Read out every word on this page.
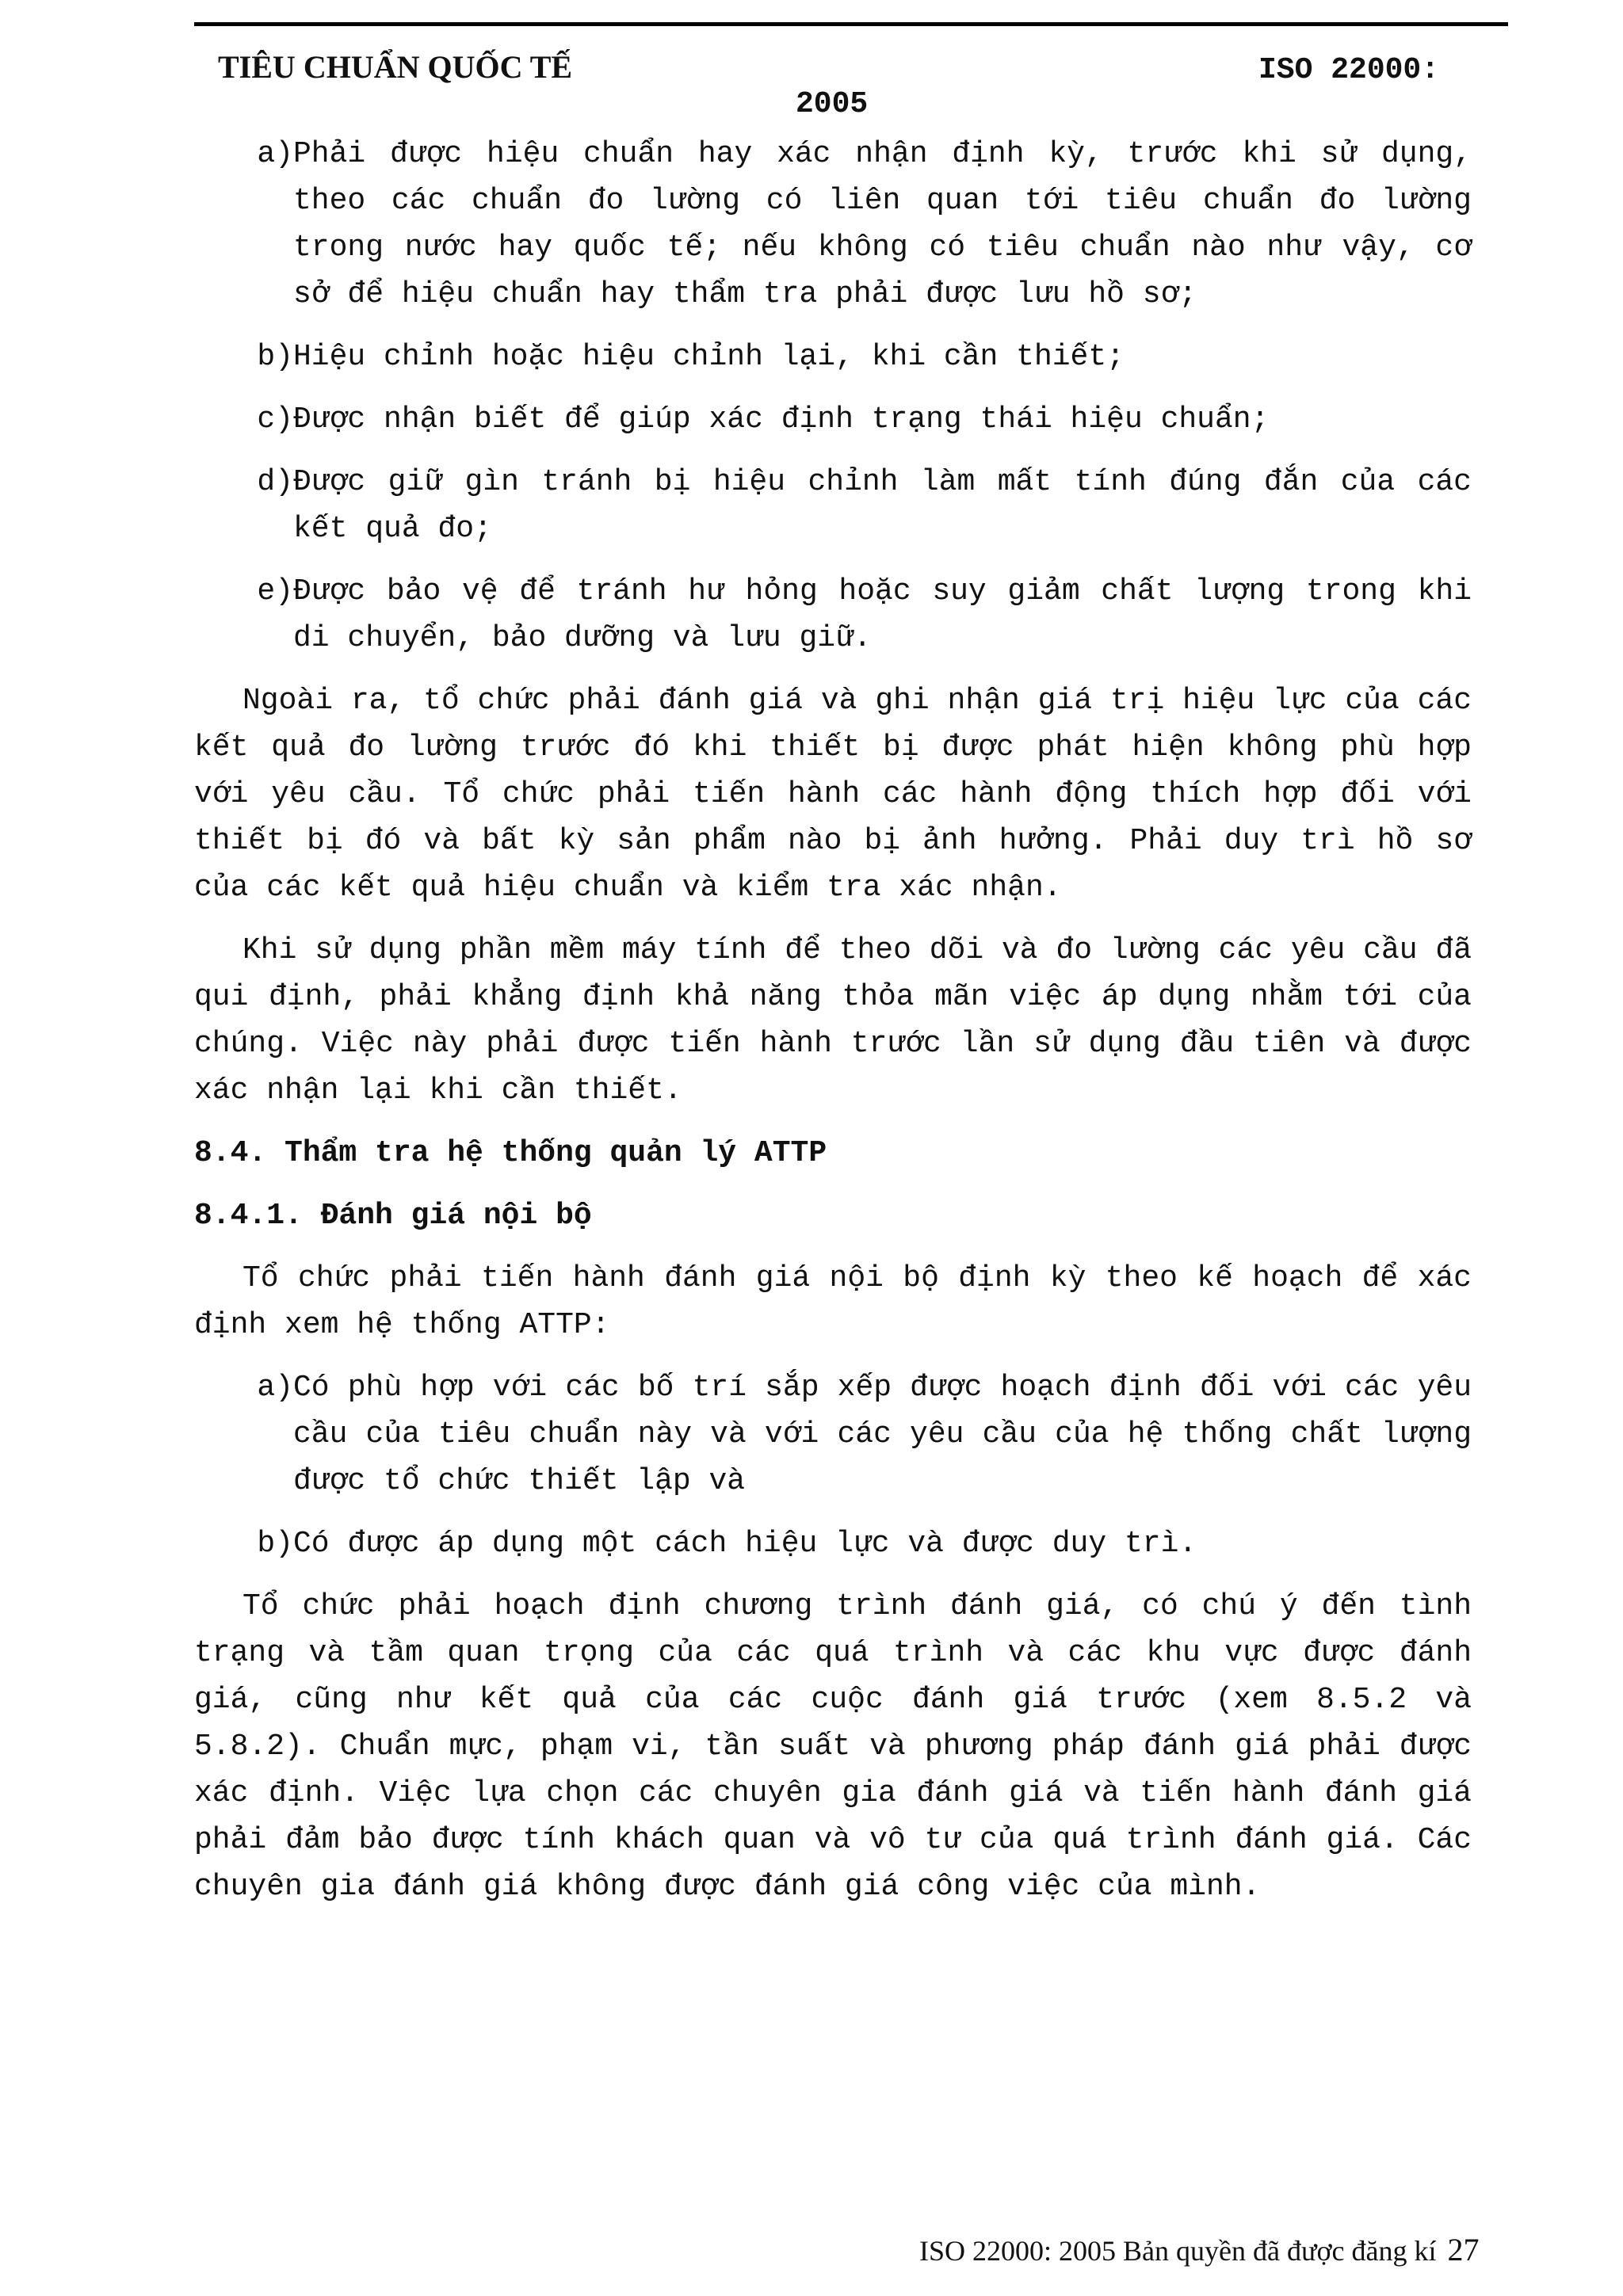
TIÊU CHUẨN QUỐC TẾ	ISO 22000:
2005
a) Phải được hiệu chuẩn hay xác nhận định kỳ, trước khi sử dụng, theo các chuẩn đo lường có liên quan tới tiêu chuẩn đo lường trong nước hay quốc tế; nếu không có tiêu chuẩn nào như vậy, cơ sở để hiệu chuẩn hay thẩm tra phải được lưu hồ sơ;
b) Hiệu chỉnh hoặc hiệu chỉnh lại, khi cần thiết;
c) Được nhận biết để giúp xác định trạng thái hiệu chuẩn;
d) Được giữ gìn tránh bị hiệu chỉnh làm mất tính đúng đắn của các kết quả đo;
e) Được bảo vệ để tránh hư hỏng hoặc suy giảm chất lượng trong khi di chuyển, bảo dưỡng và lưu giữ.

Ngoài ra, tổ chức phải đánh giá và ghi nhận giá trị hiệu lực của các kết quả đo lường trước đó khi thiết bị được phát hiện không phù hợp với yêu cầu. Tổ chức phải tiến hành các hành động thích hợp đối với thiết bị đó và bất kỳ sản phẩm nào bị ảnh hưởng. Phải duy trì hồ sơ của các kết quả hiệu chuẩn và kiểm tra xác nhận.

Khi sử dụng phần mềm máy tính để theo dõi và đo lường các yêu cầu đã qui định, phải khẳng định khả năng thỏa mãn việc áp dụng nhằm tới của chúng. Việc này phải được tiến hành trước lần sử dụng đầu tiên và được xác nhận lại khi cần thiết.

8.4. Thẩm tra hệ thống quản lý ATTP
8.4.1. Đánh giá nội bộ

Tổ chức phải tiến hành đánh giá nội bộ định kỳ theo kế hoạch để xác định xem hệ thống ATTP:

a) Có phù hợp với các bố trí sắp xếp được hoạch định đối với các yêu cầu của tiêu chuẩn này và với các yêu cầu của hệ thống chất lượng được tổ chức thiết lập và
b) Có được áp dụng một cách hiệu lực và được duy trì.

Tổ chức phải hoạch định chương trình đánh giá, có chú ý đến tình trạng và tầm quan trọng của các quá trình và các khu vực được đánh giá, cũng như kết quả của các cuộc đánh giá trước (xem 8.5.2 và 5.8.2). Chuẩn mực, phạm vi, tần suất và phương pháp đánh giá phải được xác định. Việc lựa chọn các chuyên gia đánh giá và tiến hành đánh giá phải đảm bảo được tính khách quan và vô tư của quá trình đánh giá. Các chuyên gia đánh giá không được đánh giá công việc của mình.

ISO 22000: 2005 Bản quyền đã được đăng kí 27
